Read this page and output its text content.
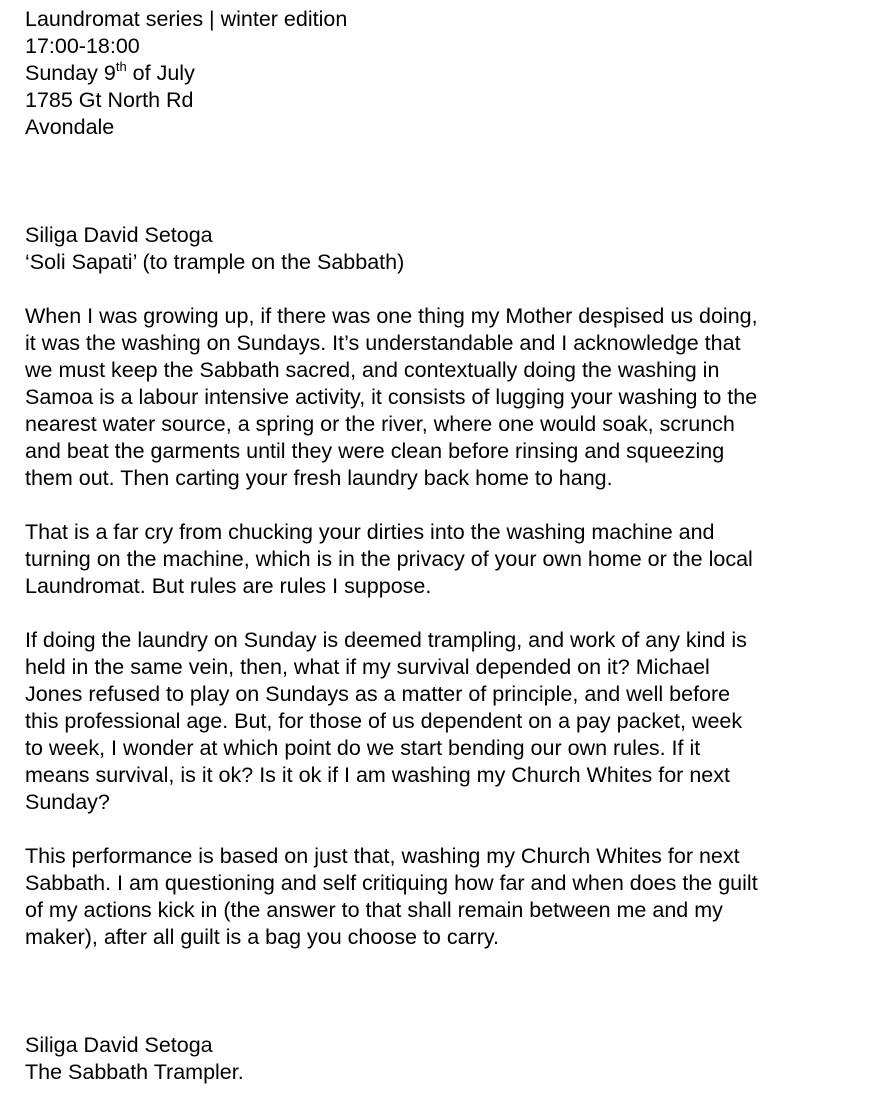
Laundromat series | winter edition
17:00-18:00
Sunday 9th of July
1785 Gt North Rd
Avondale
Siliga David Setoga
‘Soli Sapati’ (to trample on the Sabbath)
When I was growing up, if there was one thing my Mother despised us doing,
it was the washing on Sundays. It’s understandable and I acknowledge that
we must keep the Sabbath sacred, and contextually doing the washing in
Samoa is a labour intensive activity, it consists of lugging your washing to the
nearest water source, a spring or the river, where one would soak, scrunch
and beat the garments until they were clean before rinsing and squeezing
them out. Then carting your fresh laundry back home to hang.
That is a far cry from chucking your dirties into the washing machine and
turning on the machine, which is in the privacy of your own home or the local
Laundromat. But rules are rules I suppose.
If doing the laundry on Sunday is deemed trampling, and work of any kind is
held in the same vein, then, what if my survival depended on it? Michael
Jones refused to play on Sundays as a matter of principle, and well before
this professional age. But, for those of us dependent on a pay packet, week
to week, I wonder at which point do we start bending our own rules. If it
means survival, is it ok? Is it ok if I am washing my Church Whites for next
Sunday?
This performance is based on just that, washing my Church Whites for next
Sabbath. I am questioning and self critiquing how far and when does the guilt
of my actions kick in (the answer to that shall remain between me and my
maker), after all guilt is a bag you choose to carry.
Siliga David Setoga
The Sabbath Trampler.
